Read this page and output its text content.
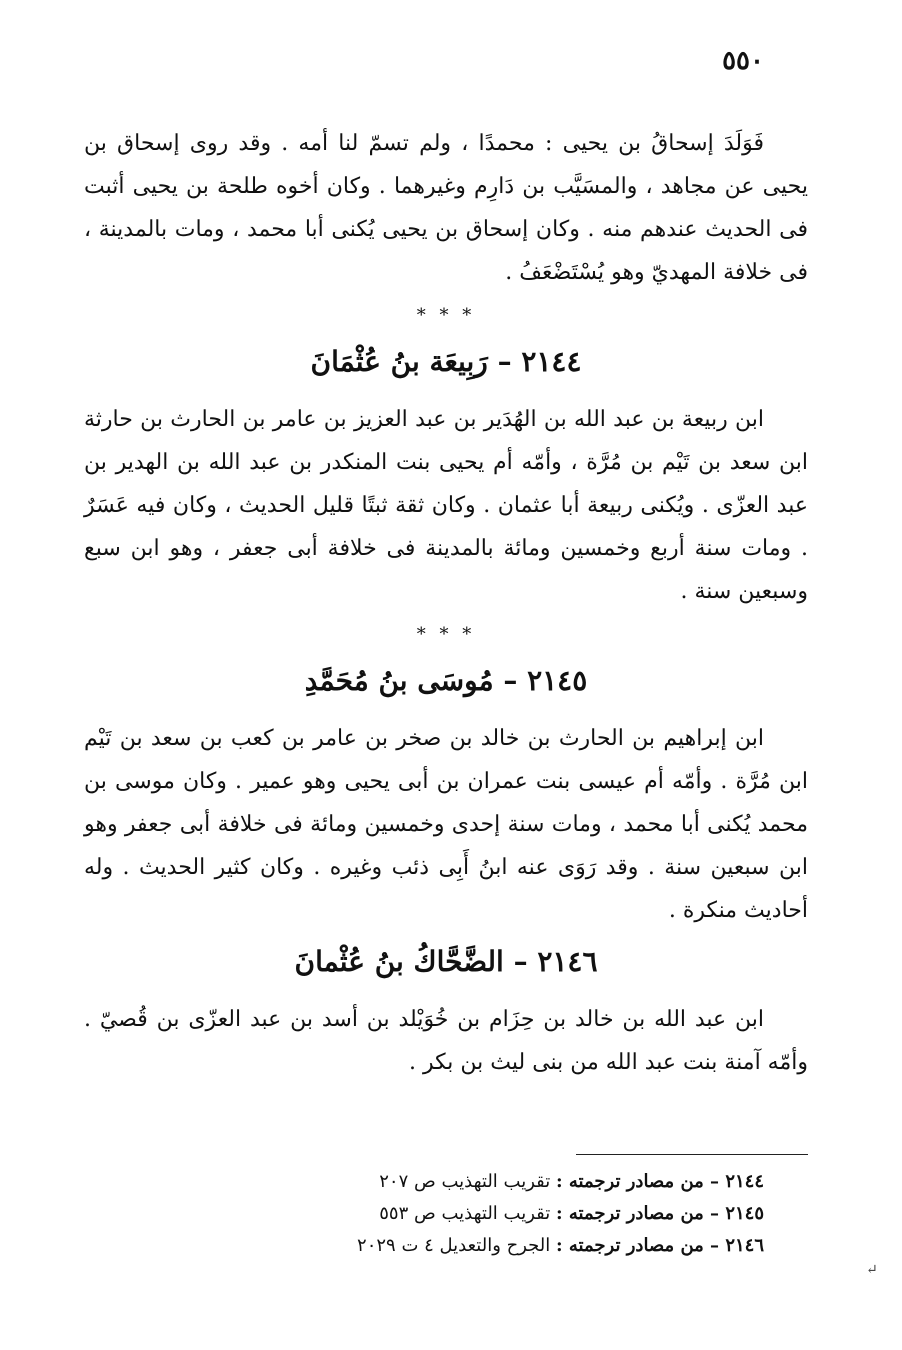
٥٥٠

فَوَلَدَ إسحاقُ بن يحيى : محمدًا ، ولم تسمّ لنا أمه . وقد روى إسحاق بن يحيى عن مجاهد ، والمسَيَّب بن دَارِم وغيرهما . وكان أخوه طلحة بن يحيى أثبت فى الحديث عندهم منه . وكان إسحاق بن يحيى يُكنى أبا محمد ، ومات بالمدينة ، فى خلافة المهديّ وهو يُسْتَضْعَفُ .

* * *

٢١٤٤ – رَبِيعَة بنُ عُثْمَانَ

ابن ربيعة بن عبد الله بن الهُدَير بن عبد العزيز بن عامر بن الحارث بن حارثة ابن سعد بن تَيْم بن مُرَّة ، وأمّه أم يحيى بنت المنكدر بن عبد الله بن الهدير بن عبد العزّى . ويُكنى ربيعة أبا عثمان . وكان ثقة ثبتًا قليل الحديث ، وكان فيه عَسَرٌ . ومات سنة أربع وخمسين ومائة بالمدينة فى خلافة أبى جعفر ، وهو ابن سبع وسبعين سنة .

* * *

٢١٤٥ – مُوسَى بنُ مُحَمَّدِ

ابن إبراهيم بن الحارث بن خالد بن صخر بن عامر بن كعب بن سعد بن تَيْم ابن مُرَّة . وأمّه أم عيسى بنت عمران بن أبى يحيى وهو عمير . وكان موسى بن محمد يُكنى أبا محمد ، ومات سنة إحدى وخمسين ومائة فى خلافة أبى جعفر وهو ابن سبعين سنة . وقد رَوَى عنه ابنُ أَبِى ذئب وغيره . وكان كثير الحديث . وله أحاديث منكرة .

٢١٤٦ – الضَّحَّاكُ بنُ عُثْمانَ

ابن عبد الله بن خالد بن حِزَام بن خُوَيْلد بن أسد بن عبد العزّى بن قُصيّ . وأمّه آمنة بنت عبد الله من بنى ليث بن بكر .

٢١٤٤ – من مصادر ترجمته : تقريب التهذيب ص ٢٠٧

٢١٤٥ – من مصادر ترجمته : تقريب التهذيب ص ٥٥٣

٢١٤٦ – من مصادر ترجمته : الجرح والتعديل ٤ ت ٢٠٢٩

↵
